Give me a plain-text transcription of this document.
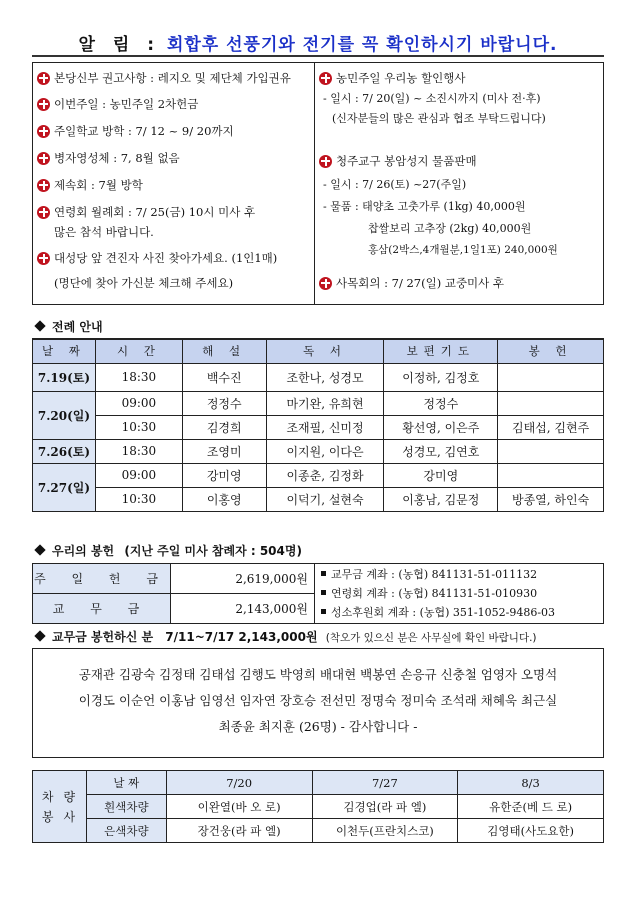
알 림 : 회합후 선풍기와 전기를 꼭 확인하시기 바랍니다.
본당신부 권고사항 : 레지오 및 제단체 가입권유
이번주일 : 농민주일 2차헌금
주일학교 방학 : 7/ 12 ~ 9/ 20까지
병자영성체 : 7, 8월 없음
제속회 : 7월 방학
연령회 월례회 : 7/ 25(금) 10시 미사 후
많은 참석 바랍니다.
대성당 앞 견진자 사진 찾아가세요. (1인1매)
(명단에 찾아 가신분 체크해 주세요)
농민주일 우리농 할인행사
- 일시 : 7/ 20(일) ~ 소진시까지 (미사 전·후)
(신자분들의 많은 관심과 협조 부탁드립니다)
청주교구 봉암성지 물품판매
- 일시 : 7/ 26(토) ~27(주일)
- 물품 : 태양초 고춧가루 (1kg) 40,000원
찹쌀보리 고추장 (2kg) 40,000원
홍삼(2박스,4개월분,1일1포) 240,000원
사목회의 : 7/ 27(일) 교중미사 후
전례 안내
날 짜	시 간	해 설	독 서	보편기도	봉 헌
7.19(토)	18:30	백수진	조한나, 성경모	이정하, 김정호	
7.20(일)	09:00	정정수	마기완, 유희현	정정수	
	10:30	김경희	조재필, 신미정	황선영, 이은주	김태섭, 김현주
7.26(토)	18:30	조영미	이지원, 이다은	성경모, 김연호	
7.27(일)	09:00	강미영	이종춘, 김정화	강미영	
	10:30	이홍영	이덕기, 설현숙	이홍남, 김문정	방종열, 하인숙
우리의 봉헌 (지난 주일 미사 참례자 : 504명)
주 일 헌 금	2,619,000원	교무금 계좌 : (농협) 841131-51-011132
연령회 계좌 : (농협) 841131-51-010930
성소후원회 계좌 : (농협) 351-1052-9486-03

교 무 금	2,143,000원	
교무금 봉헌하신 분 7/11~7/17 2,143,000원 (착오가 있으신 분은 사무실에 확인 바랍니다.)
공재관 김광숙 김정태 김태섭 김행도 박영희 배대현 백봉연 손응규 신충철 엄영자 오명석
이경도 이순언 이홍남 임영선 임자연 장호승 전선민 정명숙 정미숙 조석래 채혜욱 최근실
최종윤 최지훈 (26명) - 감사합니다 -
차량봉사	날 짜	7/20	7/27	8/3
	흰색차량	이완열(바 오 로)	김경업(라 파 엘)	유한준(베 드 로)
	은색차량	장건웅(라 파 엘)	이천두(프란치스코)	김영태(사도요한)
